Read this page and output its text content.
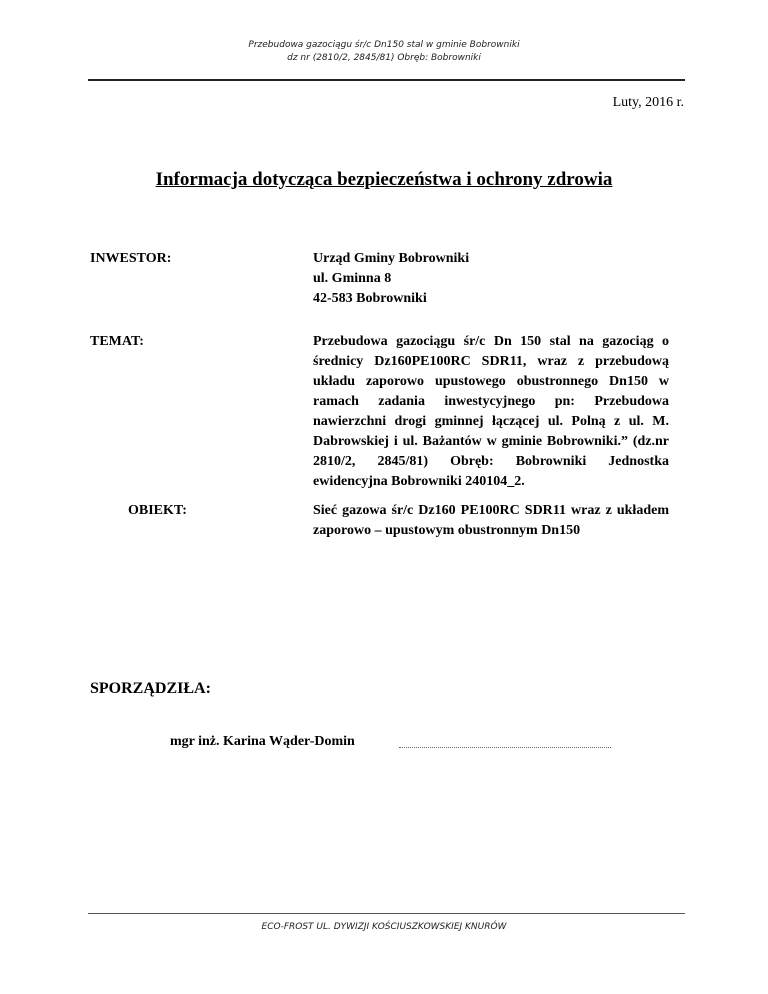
Przebudowa gazociągu śr/c Dn150 stal w gminie Bobrowniki
dz nr (2810/2, 2845/81) Obręb: Bobrowniki
Luty, 2016 r.
Informacja dotycząca bezpieczeństwa i ochrony zdrowia
INWESTOR:	Urząd Gminy Bobrowniki
ul. Gminna 8
42-583 Bobrowniki
TEMAT:	Przebudowa gazociągu śr/c Dn 150 stal na gazociąg o średnicy Dz160PE100RC SDR11, wraz z przebudową układu zaporowo upustowego obustronnego Dn150 w ramach zadania inwestycyjnego pn: Przebudowa nawierzchni drogi gminnej łączącej ul. Polną z ul. M. Dabrowskiej i ul. Bażantów w gminie Bobrowniki.” (dz.nr 2810/2, 2845/81) Obręb: Bobrowniki Jednostka ewidencyjna Bobrowniki 240104_2.
OBIEKT:	Sieć gazowa śr/c Dz160 PE100RC SDR11 wraz z układem zaporowo – upustowym obustronnym Dn150
SPORZĄDZIŁA:
mgr inż. Karina Wąder-Domin
ECO-FROST UL. DYWIZJI KOŚCIUSZKOWSKIEJ KNURÓW
